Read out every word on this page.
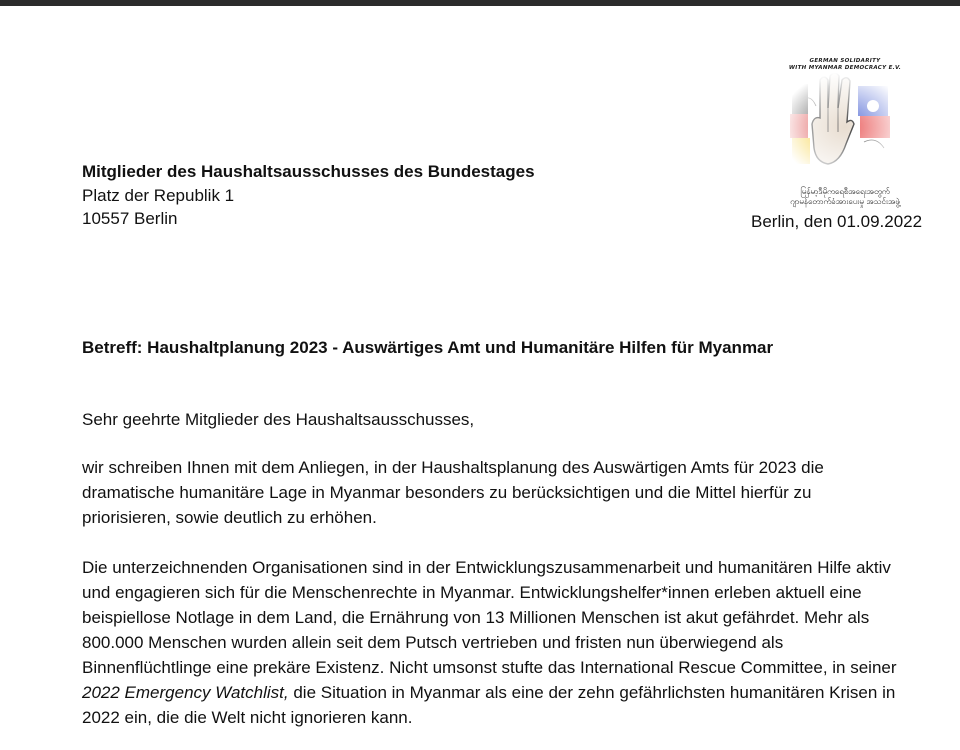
GERMAN SOLIDARITY
WITH MYANMAR DEMOCRACY E.V.
မြန်မာ့ဒီမိုကရေစီအရေးအတွက်
ဂျာမန်တောက်ခံအားပေးမှု အသင်းအဖွဲ့
Mitglieder des Haushaltsausschusses des Bundestages
Platz der Republik 1
10557 Berlin	Berlin, den 01.09.2022
Betreff: Haushaltplanung 2023 - Auswärtiges Amt und Humanitäre Hilfen für Myanmar
Sehr geehrte Mitglieder des Haushaltsausschusses,

wir schreiben Ihnen mit dem Anliegen, in der Haushaltsplanung des Auswärtigen Amts für 2023 die dramatische humanitäre Lage in Myanmar besonders zu berücksichtigen und die Mittel hierfür zu priorisieren, sowie deutlich zu erhöhen.

Die unterzeichnenden Organisationen sind in der Entwicklungszusammenarbeit und humanitären Hilfe aktiv und engagieren sich für die Menschenrechte in Myanmar. Entwicklungshelfer*innen erleben aktuell eine beispiellose Notlage in dem Land, die Ernährung von 13 Millionen Menschen ist akut gefährdet. Mehr als 800.000 Menschen wurden allein seit dem Putsch vertrieben und fristen nun überwiegend als Binnenflüchtlinge eine prekäre Existenz. Nicht umsonst stufte das International Rescue Committee, in seiner 2022 Emergency Watchlist, die Situation in Myanmar als eine der zehn gefährlichsten humanitären Krisen in 2022 ein, die die Welt nicht ignorieren kann.
